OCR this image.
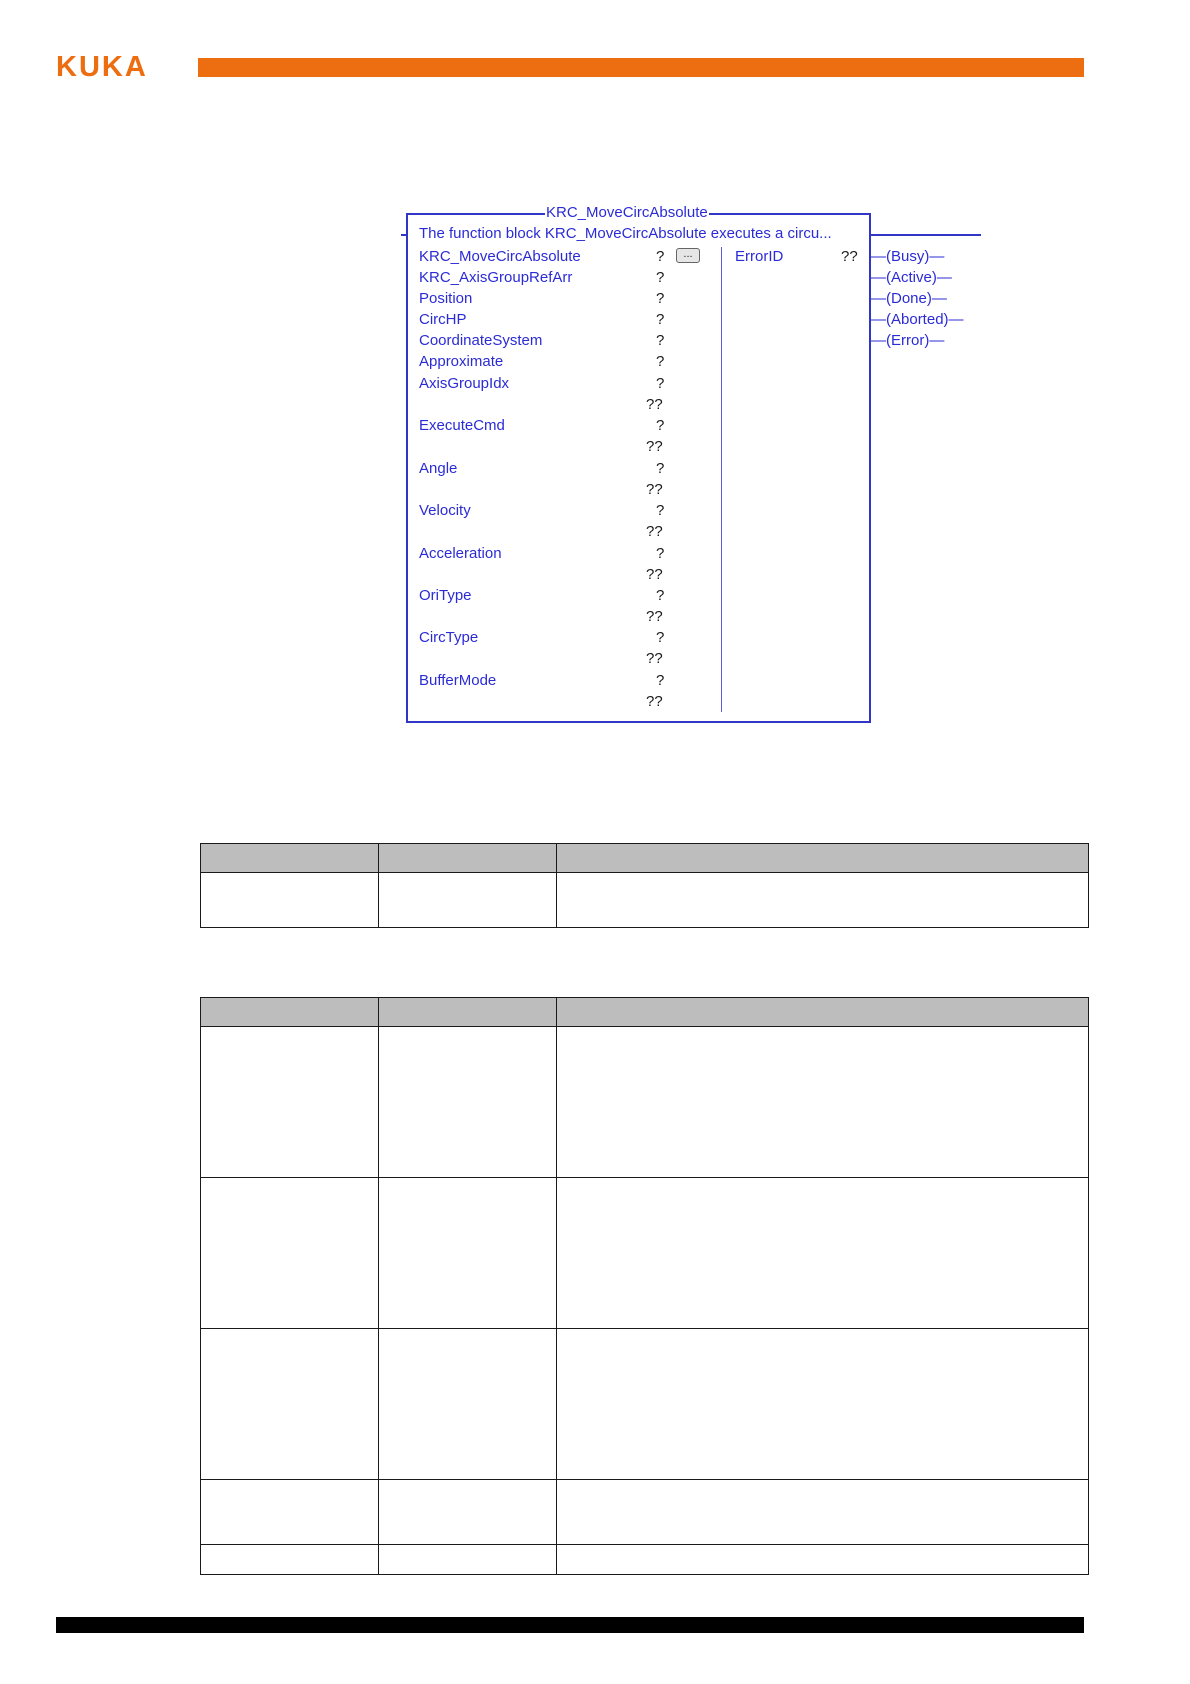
KUKA
KRC_MoveCircAbsolute
The function block KRC_MoveCircAbsolute executes a circu...
...	ErrorID	??
KRC_MoveCircAbsolute	?
KRC_AxisGroupRefArr	?
Position	?
CircHP	?
CoordinateSystem	?
Approximate	?
AxisGroupIdx	?
??
ExecuteCmd	?
??
Angle	?
??
Velocity	?
??
Acceleration	?
??
OriType	?
??
CircType	?
??
BufferMode	?
??
—(Busy)—
—(Active)—
—(Done)—
—(Aborted)—
—(Error)—
